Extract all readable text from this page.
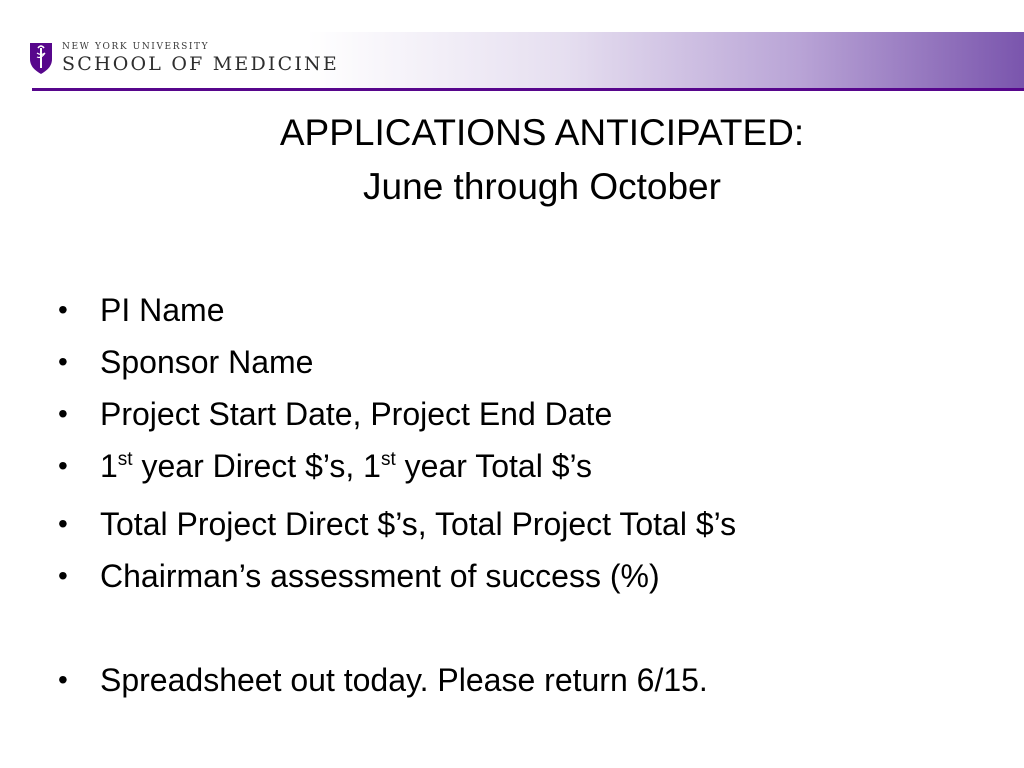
NEW YORK UNIVERSITY
SCHOOL OF MEDICINE
APPLICATIONS ANTICIPATED:
June through October
•	PI Name
•	Sponsor Name
•	Project Start Date, Project End Date
•	1st year Direct $’s, 1st year Total $’s
•	Total Project Direct $’s, Total Project Total $’s
•	Chairman’s assessment of success (%)
•	Spreadsheet out today. Please return 6/15.
